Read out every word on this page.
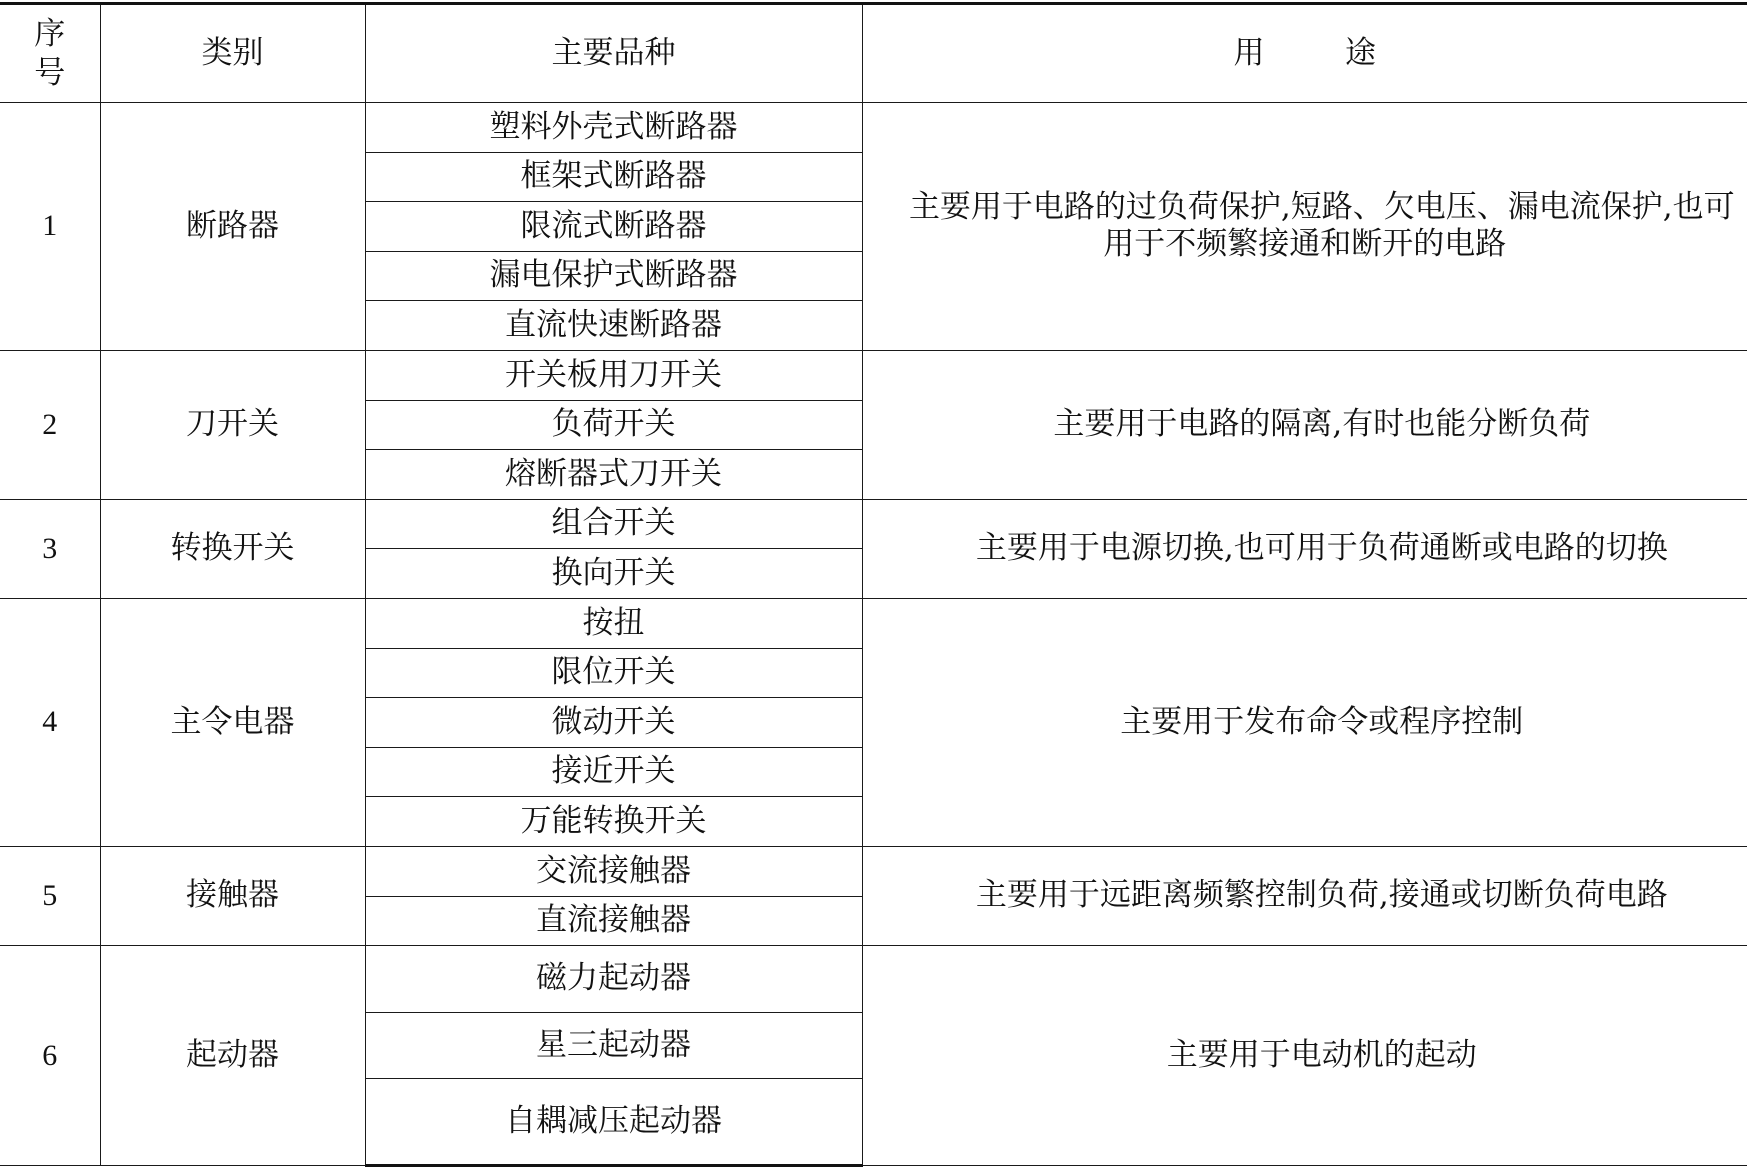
序号	类别	主要品种	用途
1	断路器	塑料外壳式断路器	主要用于电路的过负荷保护,短路、欠电压、漏电流保护,也可用于不频繁接通和断开的电路

		框架式断路器	
		限流式断路器	
		漏电保护式断路器	
		直流快速断路器	
2	刀开关	开关板用刀开关	主要用于电路的隔离,有时也能分断负荷

		负荷开关	
		熔断器式刀开关	
3	转换开关	组合开关	主要用于电源切换,也可用于负荷通断或电路的切换

		换向开关	
4	主令电器	按扭	主要用于发布命令或程序控制

		限位开关	
		微动开关	
		接近开关	
		万能转换开关	
5	接触器	交流接触器	主要用于远距离频繁控制负荷,接通或切断负荷电路

		直流接触器	
6	起动器	磁力起动器	主要用于电动机的起动

		星三起动器	
		自耦减压起动器	
